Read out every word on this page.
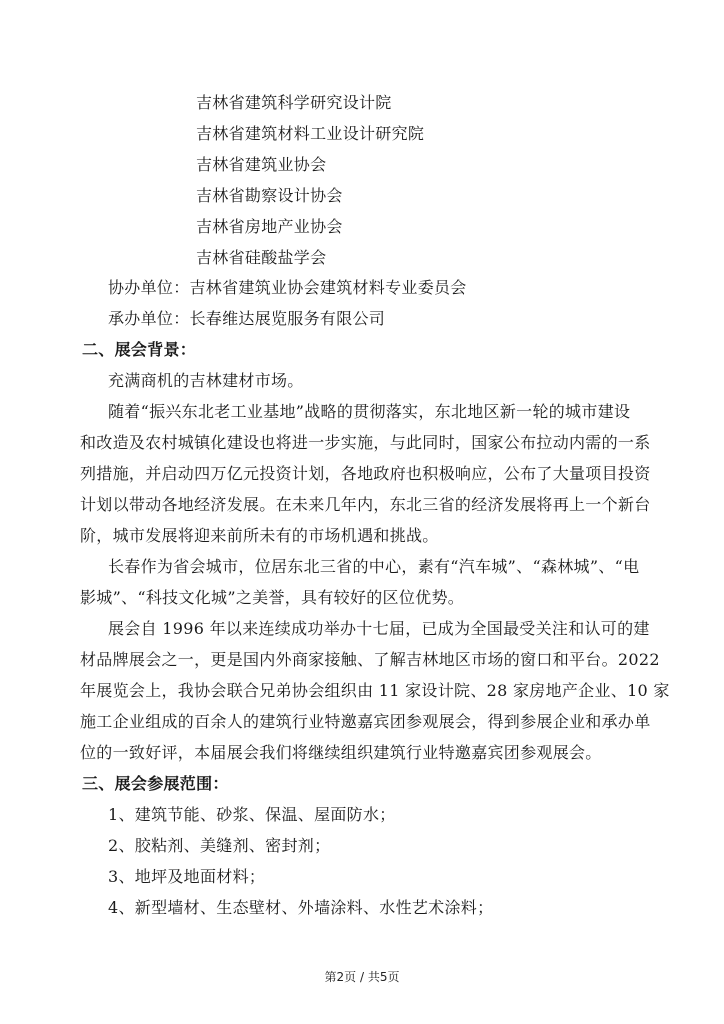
吉林省建筑科学研究设计院
吉林省建筑材料工业设计研究院
吉林省建筑业协会
吉林省勘察设计协会
吉林省房地产业协会
吉林省硅酸盐学会
协办单位：吉林省建筑业协会建筑材料专业委员会
承办单位：长春维达展览服务有限公司
二、展会背景：
充满商机的吉林建材市场。
随着“振兴东北老工业基地”战略的贯彻落实，东北地区新一轮的城市建设
和改造及农村城镇化建设也将进一步实施，与此同时，国家公布拉动内需的一系
列措施，并启动四万亿元投资计划，各地政府也积极响应，公布了大量项目投资
计划以带动各地经济发展。在未来几年内，东北三省的经济发展将再上一个新台
阶，城市发展将迎来前所未有的市场机遇和挑战。
长春作为省会城市，位居东北三省的中心，素有“汽车城”、“森林城”、“电
影城”、“科技文化城”之美誉，具有较好的区位优势。
展会自 1996 年以来连续成功举办十七届，已成为全国最受关注和认可的建
材品牌展会之一，更是国内外商家接触、了解吉林地区市场的窗口和平台。2022
年展览会上，我协会联合兄弟协会组织由 11 家设计院、28 家房地产企业、10 家
施工企业组成的百余人的建筑行业特邀嘉宾团参观展会，得到参展企业和承办单
位的一致好评，本届展会我们将继续组织建筑行业特邀嘉宾团参观展会。
三、展会参展范围：
1、建筑节能、砂浆、保温、屋面防水；
2、胶粘剂、美缝剂、密封剂；
3、地坪及地面材料；
4、新型墙材、生态壁材、外墙涂料、水性艺术涂料；
第2页 / 共5页
